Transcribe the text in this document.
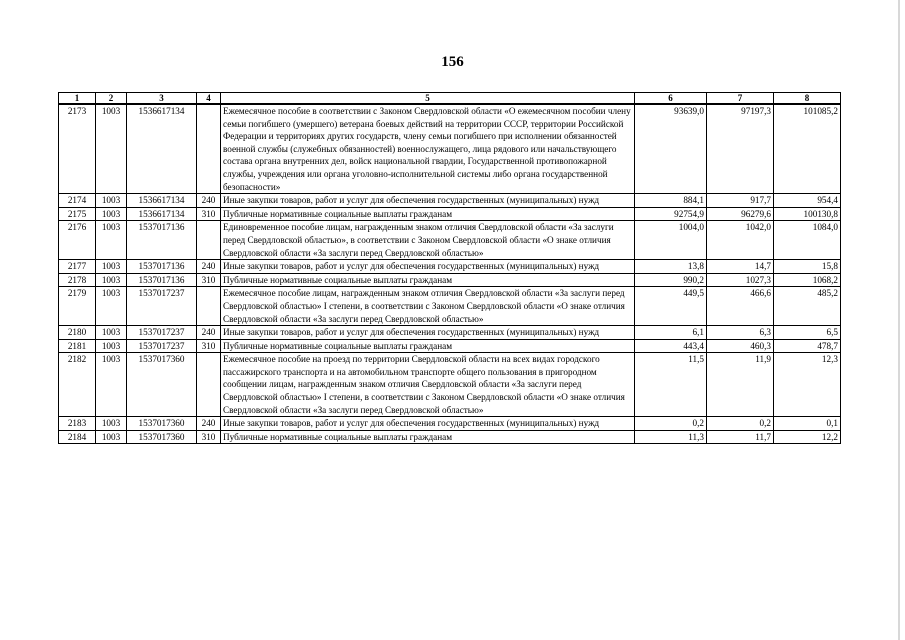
156
1	2	3	4	5	6	7	8
2173	1003	1536617134		Ежемесячное пособие в соответствии с Законом Свердловской области «О ежемесячном пособии члену семьи погибшего (умершего) ветерана боевых действий на территории СССР, территории Российской Федерации и территориях других государств, члену семьи погибшего при исполнении обязанностей военной службы (служебных обязанностей) военнослужащего, лица рядового или начальствующего состава органа внутренних дел, войск национальной гвардии, Государственной противопожарной службы, учреждения или органа уголовно-исполнительной системы либо органа государственной безопасности»	93639,0	97197,3	101085,2
2174	1003	1536617134	240	Иные закупки товаров, работ и услуг для обеспечения государственных (муниципальных) нужд	884,1	917,7	954,4
2175	1003	1536617134	310	Публичные нормативные социальные выплаты гражданам	92754,9	96279,6	100130,8
2176	1003	1537017136		Единовременное пособие лицам, награжденным знаком отличия Свердловской области «За заслуги перед Свердловской областью», в соответствии с Законом Свердловской области «О знаке отличия Свердловской области «За заслуги перед Свердловской областью»	1004,0	1042,0	1084,0
2177	1003	1537017136	240	Иные закупки товаров, работ и услуг для обеспечения государственных (муниципальных) нужд	13,8	14,7	15,8
2178	1003	1537017136	310	Публичные нормативные социальные выплаты гражданам	990,2	1027,3	1068,2
2179	1003	1537017237		Ежемесячное пособие лицам, награжденным знаком отличия Свердловской области «За заслуги перед Свердловской областью» I степени, в соответствии с Законом Свердловской области «О знаке отличия Свердловской области «За заслуги перед Свердловской областью»	449,5	466,6	485,2
2180	1003	1537017237	240	Иные закупки товаров, работ и услуг для обеспечения государственных (муниципальных) нужд	6,1	6,3	6,5
2181	1003	1537017237	310	Публичные нормативные социальные выплаты гражданам	443,4	460,3	478,7
2182	1003	1537017360		Ежемесячное пособие на проезд по территории Свердловской области на всех видах городского пассажирского транспорта и на автомобильном транспорте общего пользования в пригородном сообщении лицам, награжденным знаком отличия Свердловской области «За заслуги перед Свердловской областью» I степени, в соответствии с Законом Свердловской области «О знаке отличия Свердловской области «За заслуги перед Свердловской областью»	11,5	11,9	12,3
2183	1003	1537017360	240	Иные закупки товаров, работ и услуг для обеспечения государственных (муниципальных) нужд	0,2	0,2	0,1
2184	1003	1537017360	310	Публичные нормативные социальные выплаты гражданам	11,3	11,7	12,2
